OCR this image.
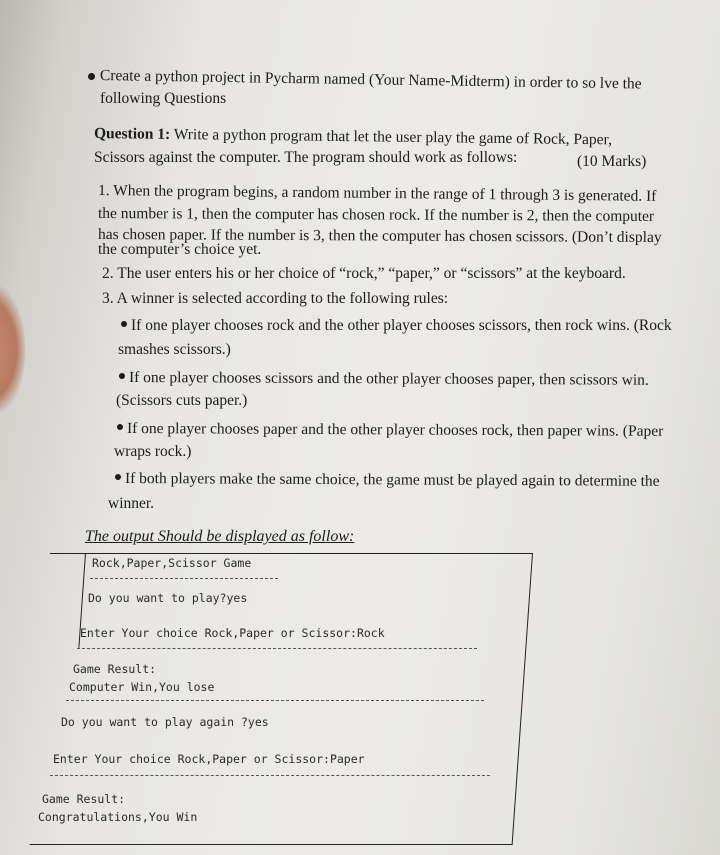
Create a python project in Pycharm named (Your Name-Midterm) in order to so lve the
following Questions
Question 1: Write a python program that let the user play the game of Rock, Paper,
Scissors against the computer. The program should work as follows:	(10 Marks)
1. When the program begins, a random number in the range of 1 through 3 is generated. If
the number is 1, then the computer has chosen rock. If the number is 2, then the computer
has chosen paper. If the number is 3, then the computer has chosen scissors. (Don’t display
the computer’s choice yet.
2. The user enters his or her choice of “rock,” “paper,” or “scissors” at the keyboard.
3. A winner is selected according to the following rules:
If one player chooses rock and the other player chooses scissors, then rock wins. (Rock
smashes scissors.)
If one player chooses scissors and the other player chooses paper, then scissors win.
(Scissors cuts paper.)
If one player chooses paper and the other player chooses rock, then paper wins. (Paper
wraps rock.)
If both players make the same choice, the game must be played again to determine the
winner.
The output Should be displayed as follow:
Rock,Paper,Scissor Game
Do you want to play?yes
Enter Your choice Rock,Paper or Scissor:Rock
Game Result:
Computer Win,You lose
Do you want to play again ?yes
Enter Your choice Rock,Paper or Scissor:Paper
Game Result:
Congratulations,You Win
